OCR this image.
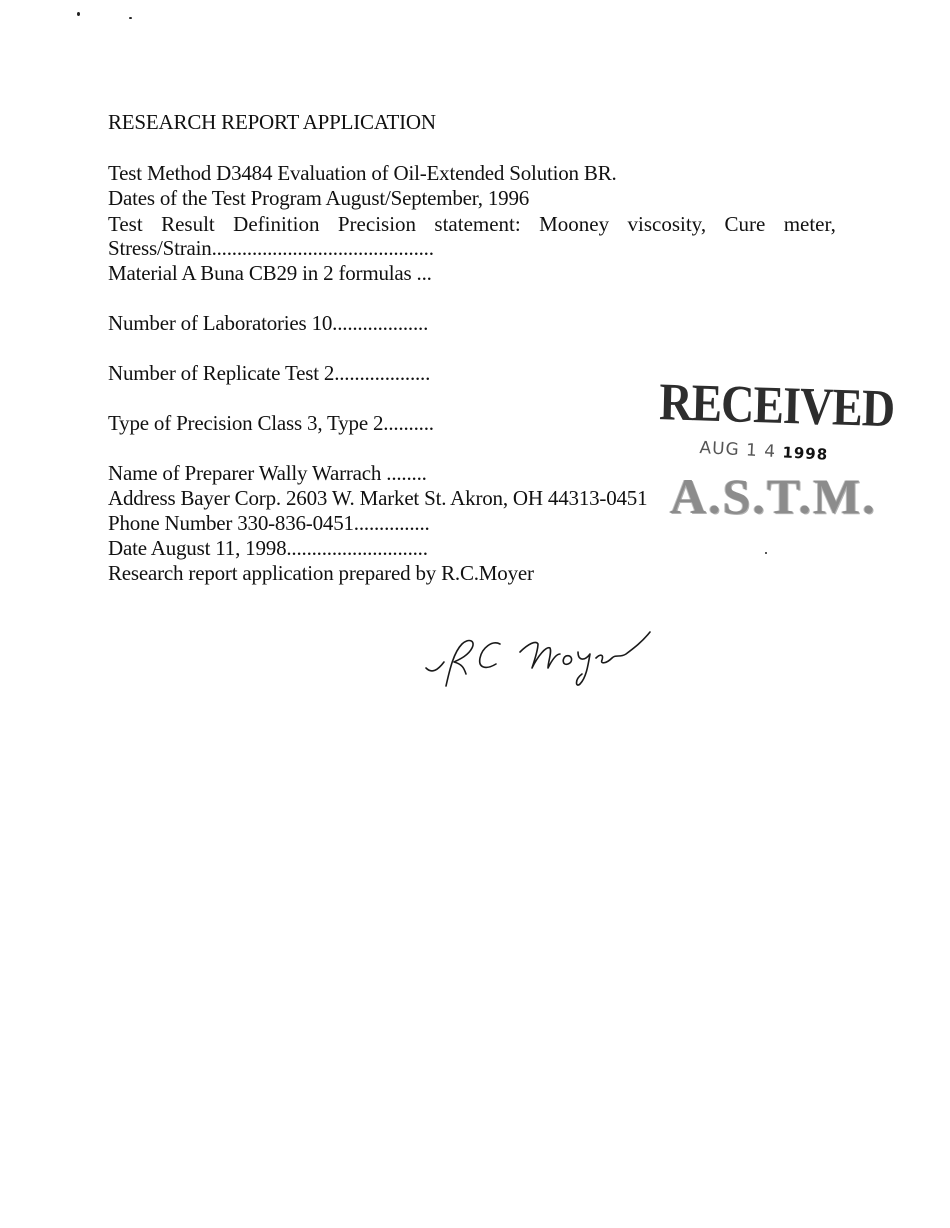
RESEARCH REPORT APPLICATION
Test Method D3484 Evaluation of Oil-Extended Solution BR.
Dates of the Test Program August/September, 1996
Test Result Definition Precision statement: Mooney viscosity, Cure meter,
Stress/Strain............................................
Material A Buna CB29 in 2 formulas ...
Number of Laboratories 10...................
Number of Replicate Test 2...................
Type of Precision Class 3, Type 2..........
Name of Preparer Wally Warrach ........
Address Bayer Corp. 2603 W. Market St. Akron, OH 44313-0451
Phone Number 330-836-0451...............
Date August 11, 1998............................
Research report application prepared by R.C.Moyer
RECEIVED
AUG 1 4 1998
A.S.T.M.
